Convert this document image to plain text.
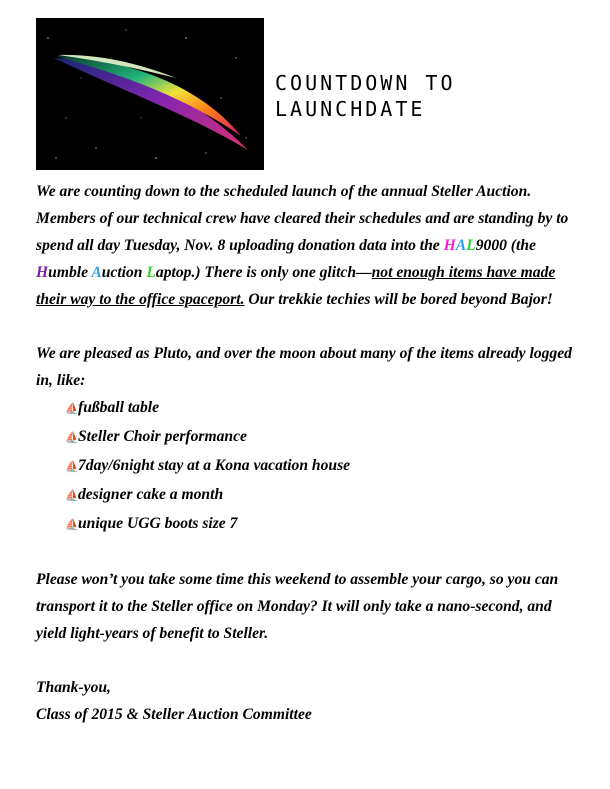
COUNTDOWN TO
LAUNCHDATE

We are counting down to the scheduled launch of the annual Steller Auction. Members of our technical crew have cleared their schedules and are standing by to spend all day Tuesday, Nov. 8 uploading donation data into the HAL9000 (the Humble Auction Laptop.) There is only one glitch—not enough items have made their way to the office spaceport. Our trekkie techies will be bored beyond Bajor!

We are pleased as Pluto, and over the moon about many of the items already logged in, like:

⛵fußball table
⛵Steller Choir performance
⛵7day/6night stay at a Kona vacation house
⛵designer cake a month
⛵unique UGG boots size 7

Please won’t you take some time this weekend to assemble your cargo, so you can transport it to the Steller office on Monday? It will only take a nano-second, and yield light-years of benefit to Steller.

Thank-you,

Class of 2015 & Steller Auction Committee
